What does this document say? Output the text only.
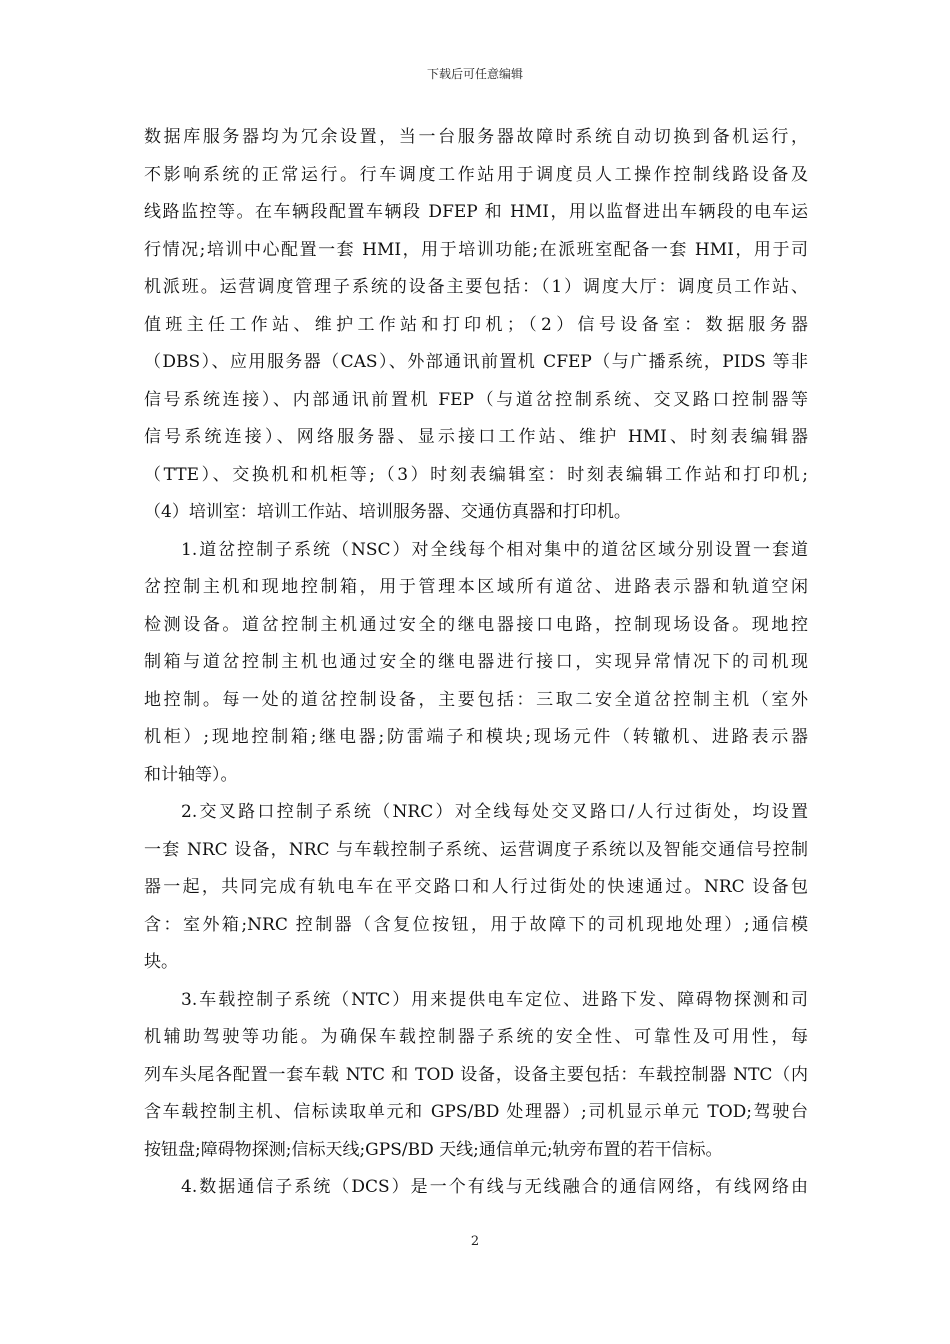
下载后可任意编辑
数据库服务器均为冗余设置，当一台服务器故障时系统自动切换到备机运行，
不影响系统的正常运行。行车调度工作站用于调度员人工操作控制线路设备及
线路监控等。在车辆段配置车辆段 DFEP 和 HMI，用以监督进出车辆段的电车运
行情况;培训中心配置一套 HMI，用于培训功能;在派班室配备一套 HMI，用于司
机派班。运营调度管理子系统的设备主要包括：（1）调度大厅：调度员工作站、
值班主任工作站、维护工作站和打印机；（2）信号设备室：数据服务器
（DBS）、应用服务器（CAS）、外部通讯前置机 CFEP（与广播系统，PIDS 等非
信号系统连接）、内部通讯前置机 FEP（与道岔控制系统、交叉路口控制器等
信号系统连接）、网络服务器、显示接口工作站、维护 HMI、时刻表编辑器
（TTE）、交换机和机柜等;（3）时刻表编辑室：时刻表编辑工作站和打印机;
（4）培训室：培训工作站、培训服务器、交通仿真器和打印机。
1.道岔控制子系统（NSC）对全线每个相对集中的道岔区域分别设置一套道
岔控制主机和现地控制箱，用于管理本区域所有道岔、进路表示器和轨道空闲
检测设备。道岔控制主机通过安全的继电器接口电路，控制现场设备。现地控
制箱与道岔控制主机也通过安全的继电器进行接口，实现异常情况下的司机现
地控制。每一处的道岔控制设备，主要包括：三取二安全道岔控制主机（室外
机柜）;现地控制箱;继电器;防雷端子和模块;现场元件（转辙机、进路表示器
和计轴等）。
2.交叉路口控制子系统（NRC）对全线每处交叉路口/人行过街处，均设置
一套 NRC 设备，NRC 与车载控制子系统、运营调度子系统以及智能交通信号控制
器一起，共同完成有轨电车在平交路口和人行过街处的快速通过。NRC 设备包
含：室外箱;NRC 控制器（含复位按钮，用于故障下的司机现地处理）;通信模
块。
3.车载控制子系统（NTC）用来提供电车定位、进路下发、障碍物探测和司
机辅助驾驶等功能。为确保车载控制器子系统的安全性、可靠性及可用性，每
列车头尾各配置一套车载 NTC 和 TOD 设备，设备主要包括：车载控制器 NTC（内
含车载控制主机、信标读取单元和 GPS/BD 处理器）;司机显示单元 TOD;驾驶台
按钮盘;障碍物探测;信标天线;GPS/BD 天线;通信单元;轨旁布置的若干信标。
4.数据通信子系统（DCS）是一个有线与无线融合的通信网络，有线网络由
2
